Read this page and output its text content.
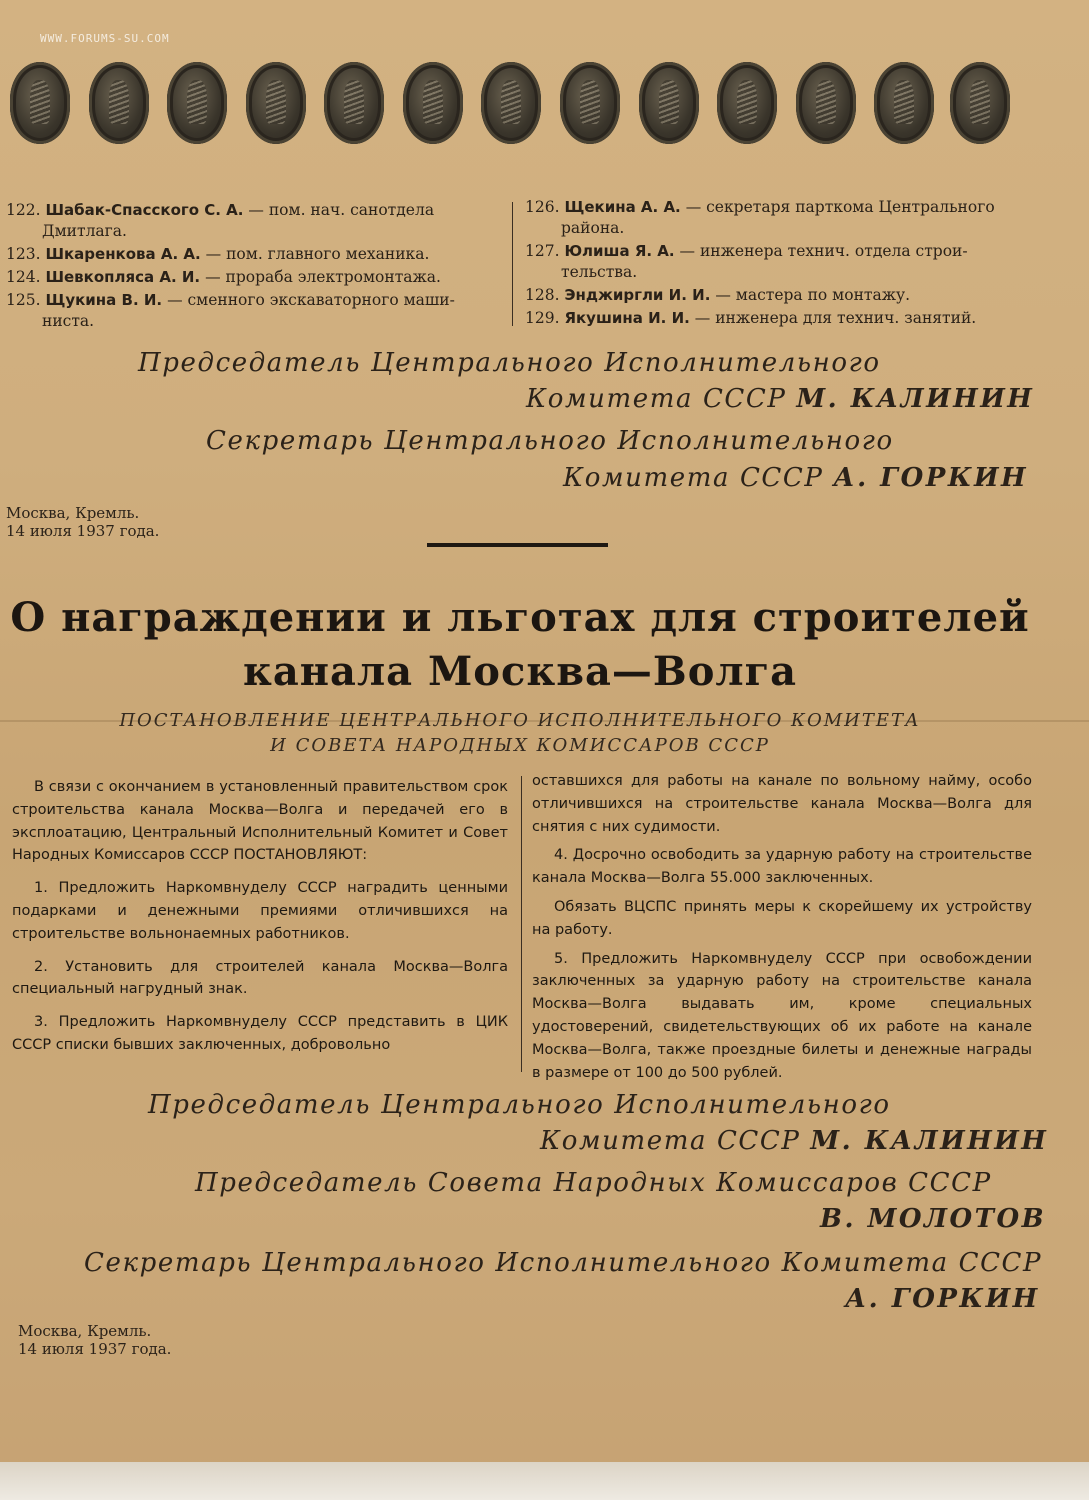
WWW.FORUMS-SU.COM
122. Шабак-Спасского С. А. — пом. нач. санотдела
Дмитлага.
123. Шкаренкова А. А. — пом. главного механика.
124. Шевкопляса А. И. — прораба электромонтажа.
125. Щукина В. И. — сменного экскаваторного маши-
ниста.
126. Щекина А. А. — секретаря парткома Центрального
района.
127. Юлиша Я. А. — инженера технич. отдела строи-
тельства.
128. Энджиргли И. И. — мастера по монтажу.
129. Якушина И. И. — инженера для технич. занятий.
Председатель Центрального Исполнительного
Комитета СССР М. КАЛИНИН
Секретарь Центрального Исполнительного
Комитета СССР А. ГОРКИН
Москва, Кремль.
14 июля 1937 года.
О награждении и льготах для строителей
канала Москва—Волга
ПОСТАНОВЛЕНИЕ ЦЕНТРАЛЬНОГО ИСПОЛНИТЕЛЬНОГО КОМИТЕТА
И СОВЕТА НАРОДНЫХ КОМИССАРОВ СССР

В связи с окончанием в установленный правительством срок строительства канала Москва—Волга и передачей его в эксплоатацию, Центральный Исполнительный Комитет и Совет Народных Комиссаров СССР ПОСТАНОВЛЯЮТ:

1. Предложить Наркомвнуделу СССР наградить ценными подарками и денежными премиями отличившихся на строительстве вольнонаемных работников.

2. Установить для строителей канала Москва—Волга специальный нагрудный знак.

3. Предложить Наркомвнуделу СССР представить в ЦИК СССР списки бывших заключенных, добровольно

оставшихся для работы на канале по вольному найму, особо отличившихся на строительстве канала Москва—Волга для снятия с них судимости.

4. Досрочно освободить за ударную работу на строительстве канала Москва—Волга 55.000 заключенных.

Обязать ВЦСПС принять меры к скорейшему их устройству на работу.

5. Предложить Наркомвнуделу СССР при освобождении заключенных за ударную работу на строительстве канала Москва—Волга выдавать им, кроме специальных удостоверений, свидетельствующих об их работе на канале Москва—Волга, также проездные билеты и денежные награды в размере от 100 до 500 рублей.

Председатель Центрального Исполнительного
Комитета СССР М. КАЛИНИН
Председатель Совета Народных Комиссаров СССР
В. МОЛОТОВ
Секретарь Центрального Исполнительного Комитета СССР
А. ГОРКИН
Москва, Кремль.
14 июля 1937 года.
